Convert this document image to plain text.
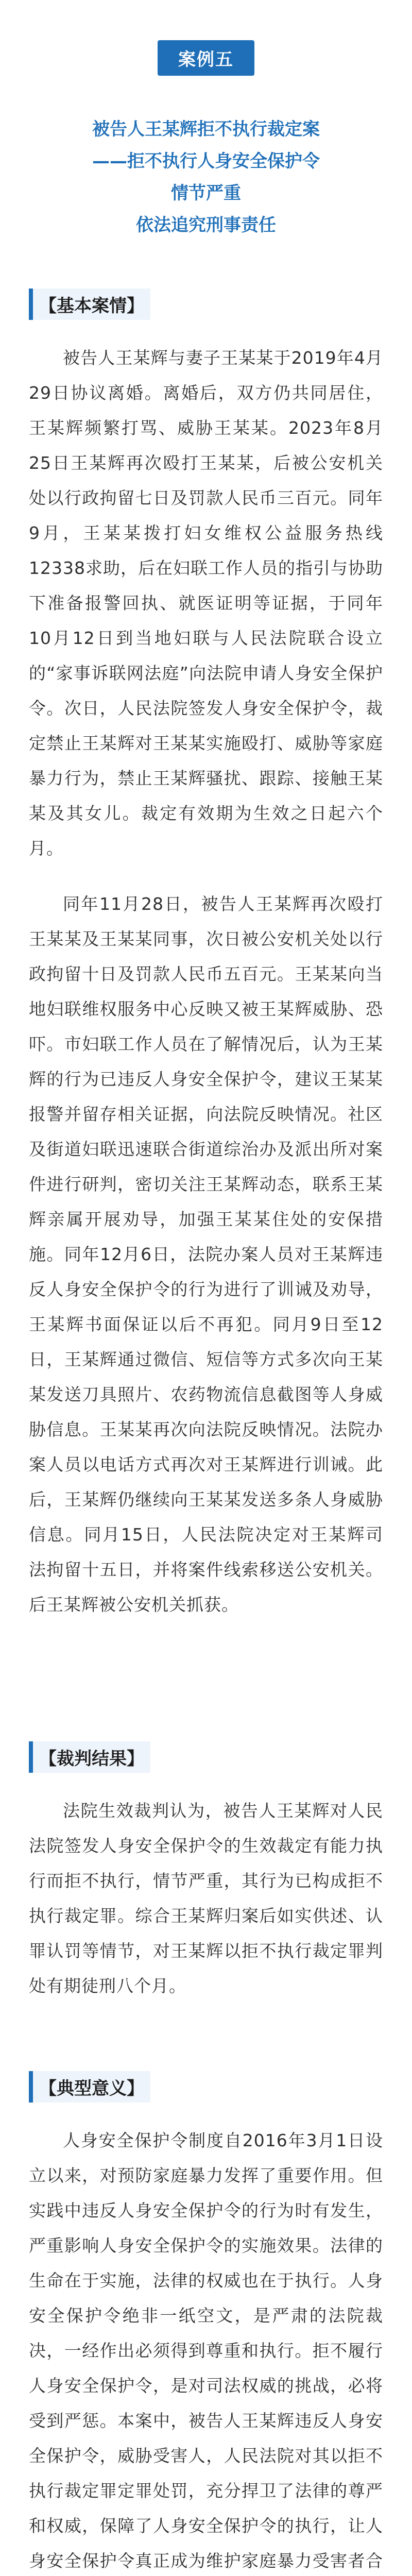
案例五
被告人王某辉拒不执行裁定案
——拒不执行人身安全保护令
情节严重
依法追究刑事责任
【基本案情】

被告人王某辉与妻子王某某于2019年4月29日协议离婚。离婚后，双方仍共同居住，王某辉频繁打骂、威胁王某某。2023年8月25日王某辉再次殴打王某某，后被公安机关处以行政拘留七日及罚款人民币三百元。同年9月，王某某拨打妇女维权公益服务热线12338求助，后在妇联工作人员的指引与协助下准备报警回执、就医证明等证据，于同年10月12日到当地妇联与人民法院联合设立的“家事诉联网法庭”向法院申请人身安全保护令。次日，人民法院签发人身安全保护令，裁定禁止王某辉对王某某实施殴打、威胁等家庭暴力行为，禁止王某辉骚扰、跟踪、接触王某某及其女儿。裁定有效期为生效之日起六个月。

同年11月28日，被告人王某辉再次殴打王某某及王某某同事，次日被公安机关处以行政拘留十日及罚款人民币五百元。王某某向当地妇联维权服务中心反映又被王某辉威胁、恐吓。市妇联工作人员在了解情况后，认为王某辉的行为已违反人身安全保护令，建议王某某报警并留存相关证据，向法院反映情况。社区及街道妇联迅速联合街道综治办及派出所对案件进行研判，密切关注王某辉动态，联系王某辉亲属开展劝导，加强王某某住处的安保措施。同年12月6日，法院办案人员对王某辉违反人身安全保护令的行为进行了训诫及劝导，王某辉书面保证以后不再犯。同月9日至12日，王某辉通过微信、短信等方式多次向王某某发送刀具照片、农药物流信息截图等人身威胁信息。王某某再次向法院反映情况。法院办案人员以电话方式再次对王某辉进行训诫。此后，王某辉仍继续向王某某发送多条人身威胁信息。同月15日，人民法院决定对王某辉司法拘留十五日，并将案件线索移送公安机关。后王某辉被公安机关抓获。

【裁判结果】

法院生效裁判认为，被告人王某辉对人民法院签发人身安全保护令的生效裁定有能力执行而拒不执行，情节严重，其行为已构成拒不执行裁定罪。综合王某辉归案后如实供述、认罪认罚等情节，对王某辉以拒不执行裁定罪判处有期徒刑八个月。

【典型意义】

人身安全保护令制度自2016年3月1日设立以来，对预防家庭暴力发挥了重要作用。但实践中违反人身安全保护令的行为时有发生，严重影响人身安全保护令的实施效果。法律的生命在于实施，法律的权威也在于执行。人身安全保护令绝非一纸空文，是严肃的法院裁决，一经作出必须得到尊重和执行。拒不履行人身安全保护令，是对司法权威的挑战，必将受到严惩。本案中，被告人王某辉违反人身安全保护令，威胁受害人，人民法院对其以拒不执行裁定罪定罪处罚，充分捍卫了法律的尊严和权威，保障了人身安全保护令的执行，让人身安全保护令真正成为维护家庭暴力受害者合
